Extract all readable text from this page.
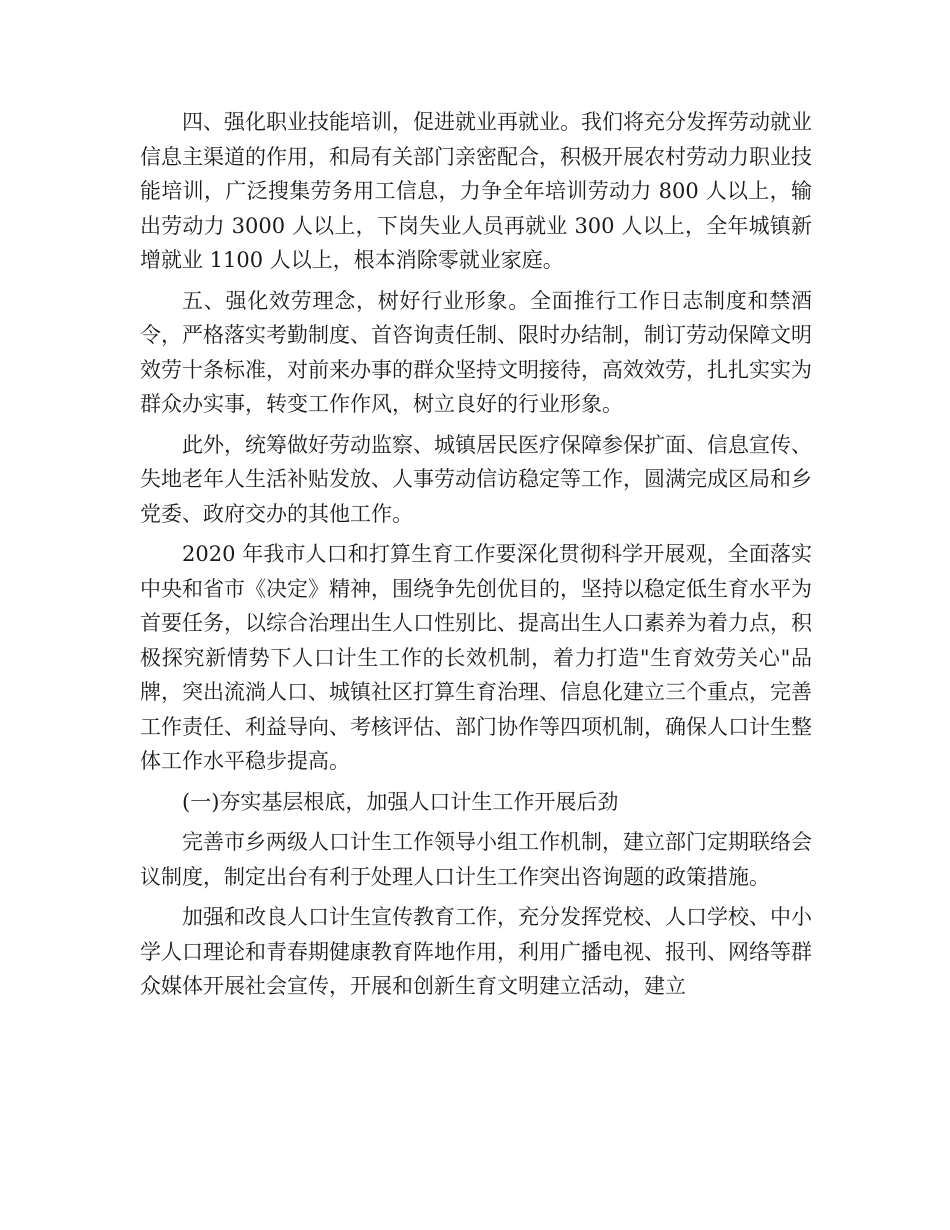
四、强化职业技能培训，促进就业再就业。我们将充分发挥劳动就业信息主渠道的作用，和局有关部门亲密配合，积极开展农村劳动力职业技能培训，广泛搜集劳务用工信息，力争全年培训劳动力 800 人以上，输出劳动力 3000 人以上，下岗失业人员再就业 300 人以上，全年城镇新增就业 1100 人以上，根本消除零就业家庭。

五、强化效劳理念，树好行业形象。全面推行工作日志制度和禁酒令，严格落实考勤制度、首咨询责任制、限时办结制，制订劳动保障文明效劳十条标准，对前来办事的群众坚持文明接待，高效效劳，扎扎实实为群众办实事，转变工作作风，树立良好的行业形象。

此外，统筹做好劳动监察、城镇居民医疗保障参保扩面、信息宣传、失地老年人生活补贴发放、人事劳动信访稳定等工作，圆满完成区局和乡党委、政府交办的其他工作。

2020 年我市人口和打算生育工作要深化贯彻科学开展观，全面落实中央和省市《决定》精神，围绕争先创优目的，坚持以稳定低生育水平为首要任务，以综合治理出生人口性别比、提高出生人口素养为着力点，积极探究新情势下人口计生工作的长效机制，着力打造"生育效劳关心"品牌，突出流淌人口、城镇社区打算生育治理、信息化建立三个重点，完善工作责任、利益导向、考核评估、部门协作等四项机制，确保人口计生整体工作水平稳步提高。

(一)夯实基层根底，加强人口计生工作开展后劲

完善市乡两级人口计生工作领导小组工作机制，建立部门定期联络会议制度，制定出台有利于处理人口计生工作突出咨询题的政策措施。

加强和改良人口计生宣传教育工作，充分发挥党校、人口学校、中小学人口理论和青春期健康教育阵地作用，利用广播电视、报刊、网络等群众媒体开展社会宣传，开展和创新生育文明建立活动，建立
